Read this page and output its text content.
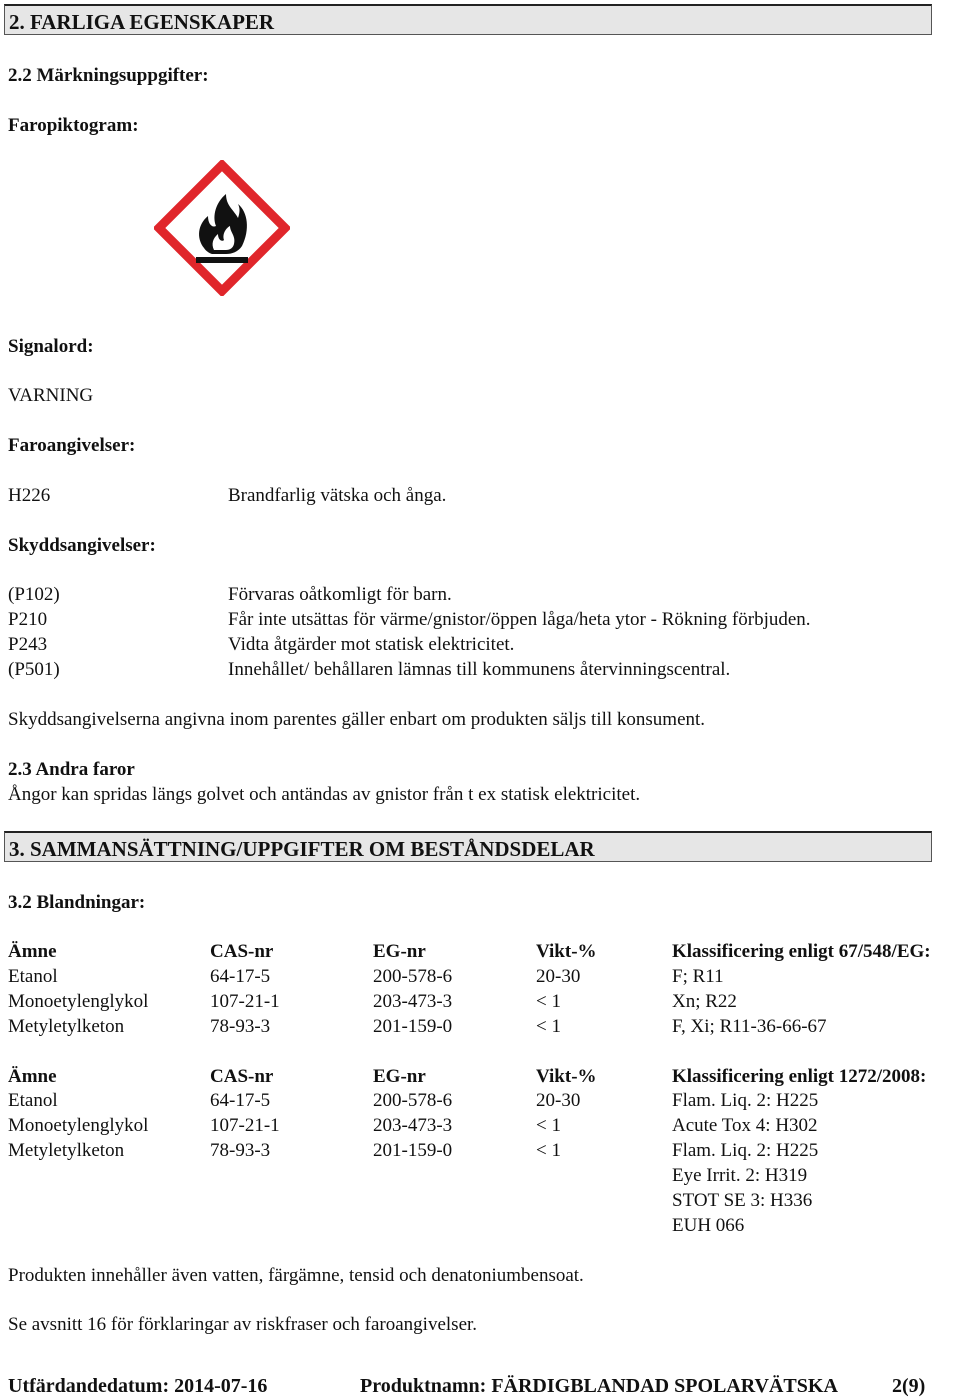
2. FARLIGA EGENSKAPER
2.2 Märkningsuppgifter:
Faropiktogram:
Signalord:
VARNING
Faroangivelser:
H226	Brandfarlig vätska och ånga.
Skyddsangivelser:
(P102)	Förvaras oåtkomligt för barn.
P210	Får inte utsättas för värme/gnistor/öppen låga/heta ytor - Rökning förbjuden.
P243	Vidta åtgärder mot statisk elektricitet.
(P501)	Innehållet/ behållaren lämnas till kommunens återvinningscentral.
Skyddsangivelserna angivna inom parentes gäller enbart om produkten säljs till konsument.
2.3 Andra faror
Ångor kan spridas längs golvet och antändas av gnistor från t ex statisk elektricitet.
3. SAMMANSÄTTNING/UPPGIFTER OM BESTÅNDSDELAR
3.2 Blandningar:
Ämne	CAS-nr	EG-nr	Vikt-%	Klassificering enligt 67/548/EG:
Etanol	64-17-5	200-578-6	20-30	F; R11
Monoetylenglykol	107-21-1	203-473-3	< 1	Xn; R22
Metyletylketon	78-93-3	201-159-0	< 1	F, Xi; R11-36-66-67
Ämne	CAS-nr	EG-nr	Vikt-%	Klassificering enligt 1272/2008:
Etanol	64-17-5	200-578-6	20-30	Flam. Liq. 2: H225
Monoetylenglykol	107-21-1	203-473-3	< 1	Acute Tox 4: H302
Metyletylketon	78-93-3	201-159-0	< 1	Flam. Liq. 2: H225
Eye Irrit. 2: H319
STOT SE 3: H336
EUH 066
Produkten innehåller även vatten, färgämne, tensid och denatoniumbensoat.
Se avsnitt 16 för förklaringar av riskfraser och faroangivelser.
Utfärdandedatum: 2014-07-16	Produktnamn: FÄRDIGBLANDAD SPOLARVÄTSKA	2(9)
